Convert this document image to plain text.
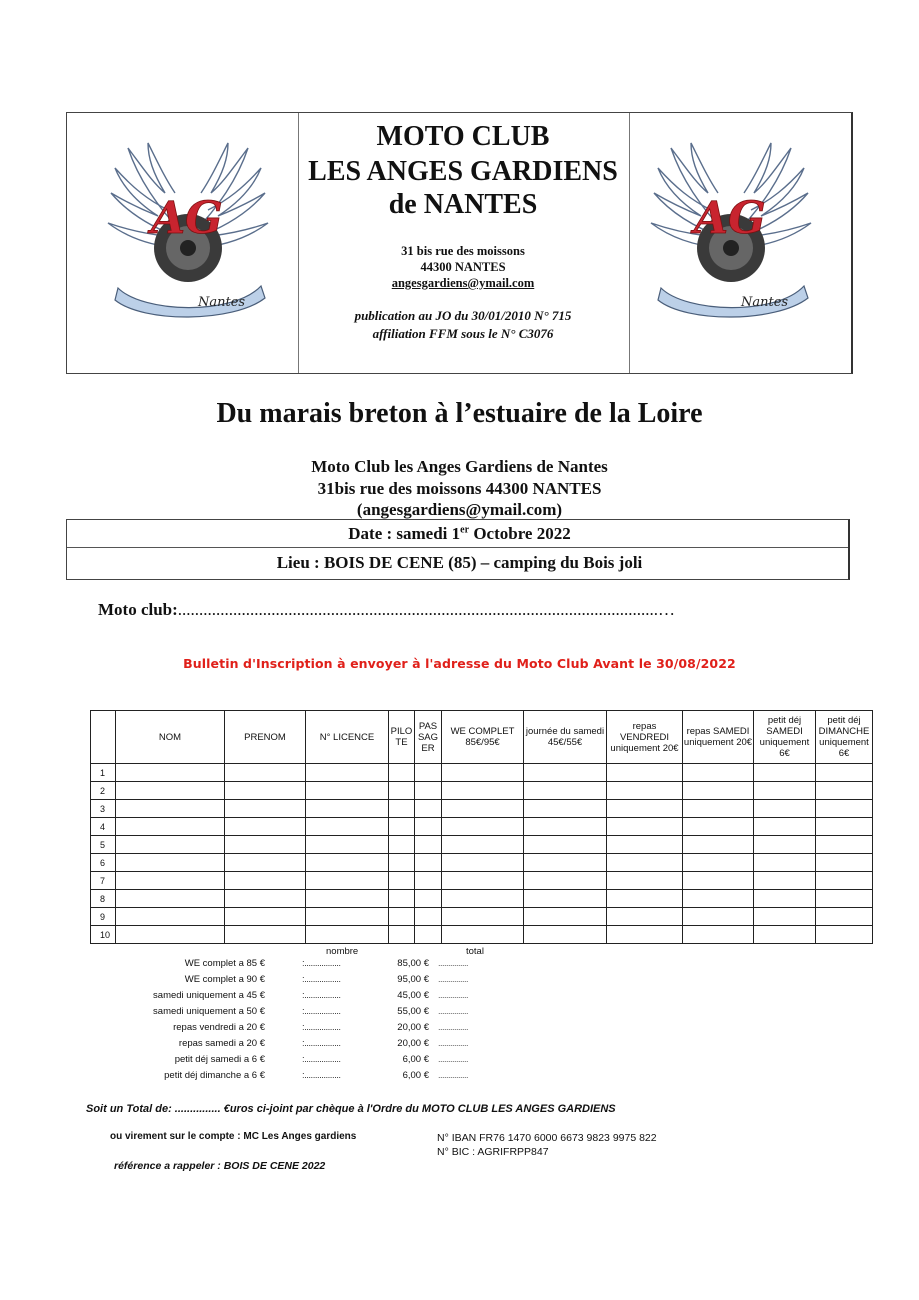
AG
Nantes
AG
Nantes
MOTO CLUB
LES ANGES GARDIENS
de NANTES
31 bis rue des moissons
44300 NANTES
angesgardiens@ymail.com
publication au JO du 30/01/2010 N° 715
affiliation FFM sous le N° C3076
Du marais breton à l’estuaire de la Loire
Moto Club les Anges Gardiens de Nantes
31bis rue des moissons 44300 NANTES
(angesgardiens@ymail.com)
Date : samedi 1er Octobre 2022
Lieu : BOIS DE CENE (85) – camping du Bois joli
Moto club:.................................................................................................................…
Bulletin d'Inscription à envoyer à l'adresse du Moto Club Avant le 30/08/2022
	NOM	PRENOM	N° LICENCE	PILO TE	PAS SAG ER	WE COMPLET 85€/95€	journée du samedi 45€/55€	repas VENDREDI uniquement 20€	repas SAMEDI uniquement 20€	petit déj SAMEDI uniquement 6€	petit déj DIMANCHE uniquement 6€
1											
2											
3											
4											
5											
6											
7											
8											
9											
10											
nombre	total
WE complet a 85 €	:.................	85,00 € ...............
WE complet a 90 €	:.................	95,00 € ...............
samedi uniquement a 45 €	:.................	45,00 € ...............
samedi uniquement a 50 €	:.................	55,00 € ...............
repas vendredi a 20 €	:.................	20,00 € ...............
repas samedi a 20 €	:.................	20,00 € ...............
petit déj samedi a 6 €	:.................	6,00 € ...............
petit déj dimanche a 6 €	:.................	6,00 € ...............
Soit un Total de: ............... €uros ci-joint par chèque à l'Ordre du MOTO CLUB LES ANGES GARDIENS
ou virement sur le compte : MC Les Anges gardiens	N° IBAN FR76 1470 6000 6673 9823 9975 822
N° BIC : AGRIFRPP847
référence a rappeler : BOIS DE CENE 2022
